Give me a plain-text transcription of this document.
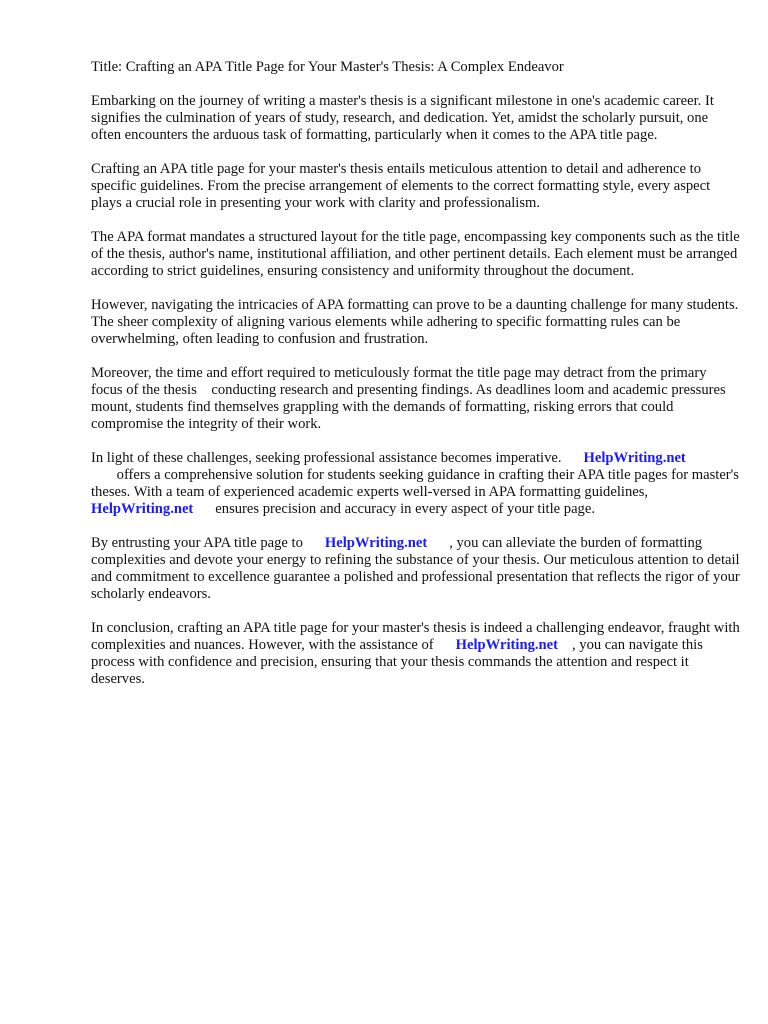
Title: Crafting an APA Title Page for Your Master's Thesis: A Complex Endeavor

Embarking on the journey of writing a master's thesis is a significant milestone in one's academic career. It signifies the culmination of years of study, research, and dedication. Yet, amidst the scholarly pursuit, one often encounters the arduous task of formatting, particularly when it comes to the APA title page.

Crafting an APA title page for your master's thesis entails meticulous attention to detail and adherence to specific guidelines. From the precise arrangement of elements to the correct formatting style, every aspect plays a crucial role in presenting your work with clarity and professionalism.

The APA format mandates a structured layout for the title page, encompassing key components such as the title of the thesis, author's name, institutional affiliation, and other pertinent details. Each element must be arranged according to strict guidelines, ensuring consistency and uniformity throughout the document.

However, navigating the intricacies of APA formatting can prove to be a daunting challenge for many students. The sheer complexity of aligning various elements while adhering to specific formatting rules can be overwhelming, often leading to confusion and frustration.

Moreover, the time and effort required to meticulously format the title page may detract from the primary focus of the thesis    conducting research and presenting findings. As deadlines loom and academic pressures mount, students find themselves grappling with the demands of formatting, risking errors that could compromise the integrity of their work.

In light of these challenges, seeking professional assistance becomes imperative. HelpWriting.net
offers a comprehensive solution for students seeking guidance in crafting their APA title pages for master's theses. With a team of experienced academic experts well-versed in APA formatting guidelines,HelpWriting.net ensures precision and accuracy in every aspect of your title page.

By entrusting your APA title page to HelpWriting.net , you can alleviate the burden of formatting complexities and devote your energy to refining the substance of your thesis. Our meticulous attention to detail and commitment to excellence guarantee a polished and professional presentation that reflects the rigor of your scholarly endeavors.

In conclusion, crafting an APA title page for your master's thesis is indeed a challenging endeavor, fraught with complexities and nuances. However, with the assistance of HelpWriting.net , you can navigate this process with confidence and precision, ensuring that your thesis commands the attention and respect it deserves.
